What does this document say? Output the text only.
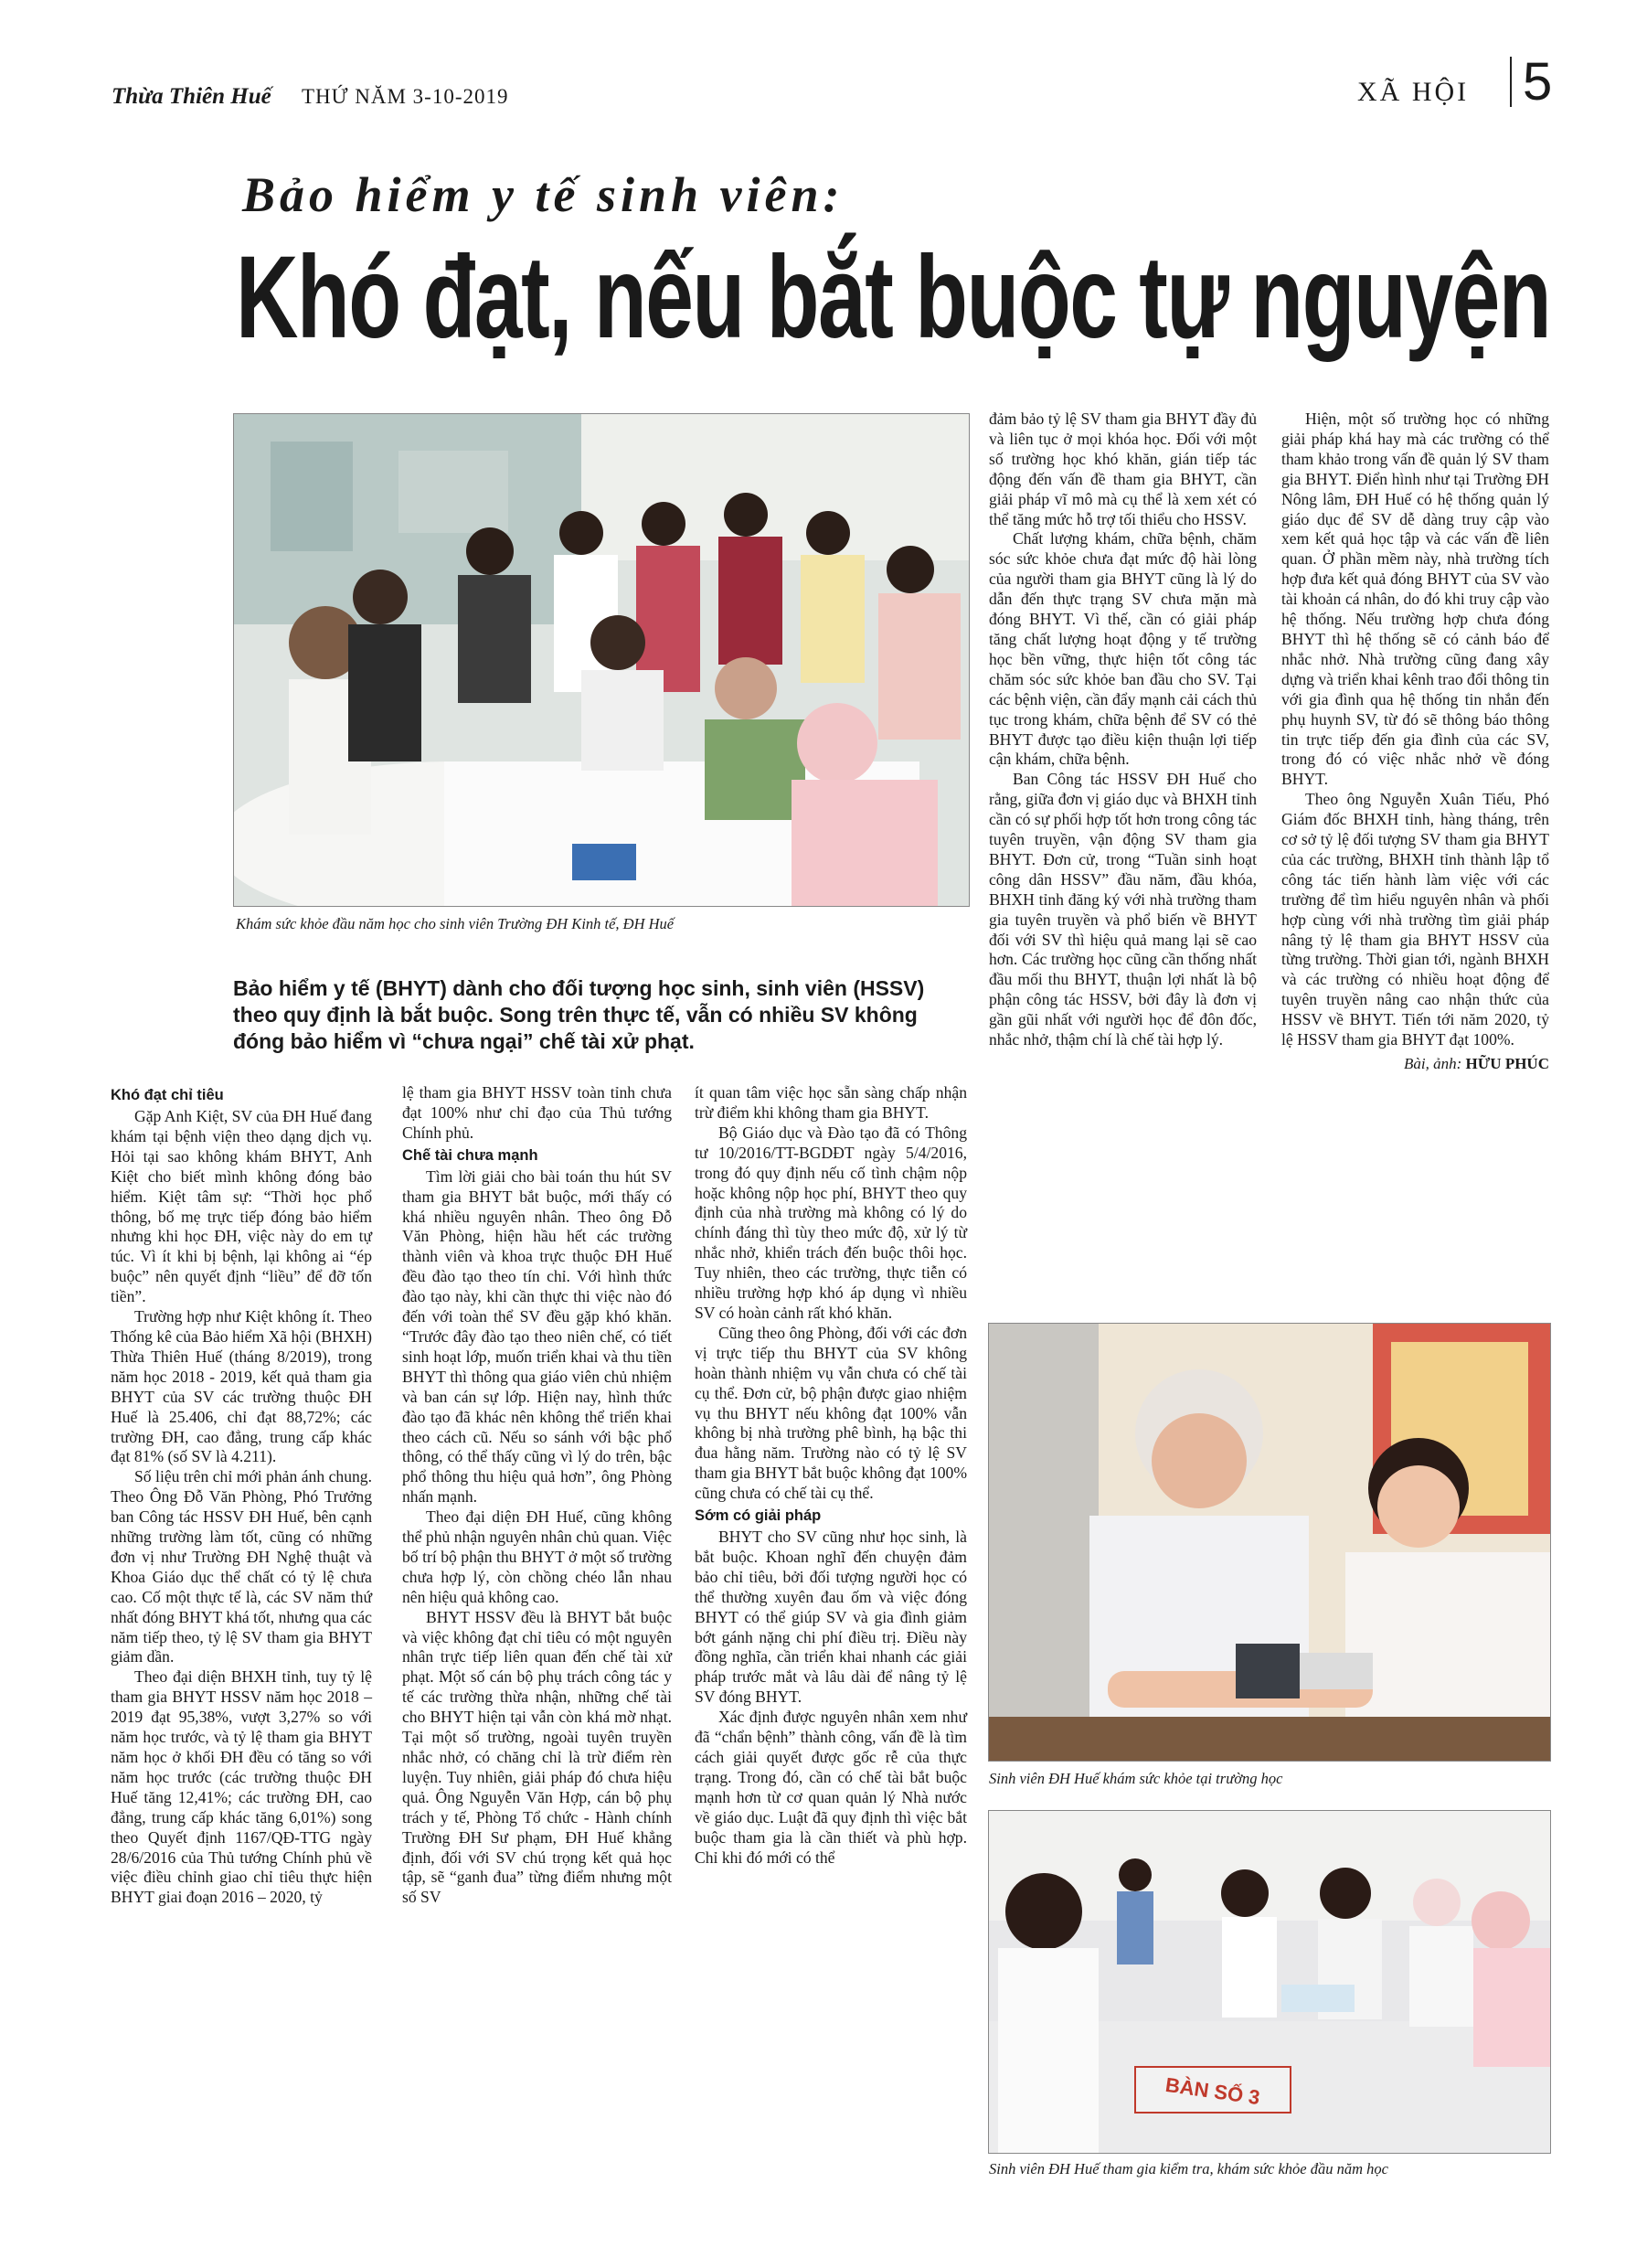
Thừa Thiên Huế THỨ NĂM 3-10-2019	XÃ HỘI 5
Bảo hiểm y tế sinh viên:
Khó đạt, nếu bắt buộc tự nguyện
Khám sức khỏe đầu năm học cho sinh viên Trường ĐH Kinh tế, ĐH Huế
Bảo hiểm y tế (BHYT) dành cho đối tượng học sinh, sinh viên (HSSV) theo quy định là bắt buộc. Song trên thực tế, vẫn có nhiều SV không đóng bảo hiểm vì “chưa ngại” chế tài xử phạt.
Khó đạt chỉ tiêu

Gặp Anh Kiệt, SV của ĐH Huế đang khám tại bệnh viện theo dạng dịch vụ. Hỏi tại sao không khám BHYT, Anh Kiệt cho biết mình không đóng bảo hiểm. Kiệt tâm sự: “Thời học phổ thông, bố mẹ trực tiếp đóng bảo hiểm nhưng khi học ĐH, việc này do em tự túc. Vì ít khi bị bệnh, lại không ai “ép buộc” nên quyết định “liều” để đỡ tốn tiền”.

Trường hợp như Kiệt không ít. Theo Thống kê của Bảo hiểm Xã hội (BHXH) Thừa Thiên Huế (tháng 8/2019), trong năm học 2018 - 2019, kết quả tham gia BHYT của SV các trường thuộc ĐH Huế là 25.406, chỉ đạt 88,72%; các trường ĐH, cao đẳng, trung cấp khác đạt 81% (số SV là 4.211).

Số liệu trên chỉ mới phản ánh chung. Theo Ông Đỗ Văn Phòng, Phó Trưởng ban Công tác HSSV ĐH Huế, bên cạnh những trường làm tốt, cũng có những đơn vị như Trường ĐH Nghệ thuật và Khoa Giáo dục thể chất có tỷ lệ chưa cao. Cố một thực tế là, các SV năm thứ nhất đóng BHYT khá tốt, nhưng qua các năm tiếp theo, tỷ lệ SV tham gia BHYT giảm dần.

Theo đại diện BHXH tỉnh, tuy tỷ lệ tham gia BHYT HSSV năm học 2018 – 2019 đạt 95,38%, vượt 3,27% so với năm học trước, và tỷ lệ tham gia BHYT năm học ở khối ĐH đều có tăng so với năm học trước (các trường thuộc ĐH Huế tăng 12,41%; các trường ĐH, cao đẳng, trung cấp khác tăng 6,01%) song theo Quyết định 1167/QĐ-TTG ngày 28/6/2016 của Thủ tướng Chính phủ về việc điều chỉnh giao chỉ tiêu thực hiện BHYT giai đoạn 2016 – 2020, tỷ

lệ tham gia BHYT HSSV toàn tỉnh chưa đạt 100% như chỉ đạo của Thủ tướng Chính phủ.

Chế tài chưa mạnh

Tìm lời giải cho bài toán thu hút SV tham gia BHYT bắt buộc, mới thấy có khá nhiều nguyên nhân. Theo ông Đỗ Văn Phòng, hiện hầu hết các trường thành viên và khoa trực thuộc ĐH Huế đều đào tạo theo tín chỉ. Với hình thức đào tạo này, khi cần thực thi việc nào đó đến với toàn thể SV đều gặp khó khăn. “Trước đây đào tạo theo niên chế, có tiết sinh hoạt lớp, muốn triển khai và thu tiền BHYT thì thông qua giáo viên chủ nhiệm và ban cán sự lớp. Hiện nay, hình thức đào tạo đã khác nên không thể triển khai theo cách cũ. Nếu so sánh với bậc phổ thông, có thể thấy cũng vì lý do trên, bậc phổ thông thu hiệu quả hơn”, ông Phòng nhấn mạnh.

Theo đại diện ĐH Huế, cũng không thể phủ nhận nguyên nhân chủ quan. Việc bố trí bộ phận thu BHYT ở một số trường chưa hợp lý, còn chồng chéo lẫn nhau nên hiệu quả không cao.

BHYT HSSV đều là BHYT bắt buộc và việc không đạt chỉ tiêu có một nguyên nhân trực tiếp liên quan đến chế tài xử phạt. Một số cán bộ phụ trách công tác y tế các trường thừa nhận, những chế tài cho BHYT hiện tại vẫn còn khá mờ nhạt. Tại một số trường, ngoài tuyên truyền nhắc nhở, có chăng chỉ là trừ điểm rèn luyện. Tuy nhiên, giải pháp đó chưa hiệu quả. Ông Nguyễn Văn Hợp, cán bộ phụ trách y tế, Phòng Tổ chức - Hành chính Trường ĐH Sư phạm, ĐH Huế khẳng định, đối với SV chú trọng kết quả học tập, sẽ “ganh đua” từng điểm nhưng một số SV

ít quan tâm việc học sẵn sàng chấp nhận trừ điểm khi không tham gia BHYT.

Bộ Giáo dục và Đào tạo đã có Thông tư 10/2016/TT-BGDĐT ngày 5/4/2016, trong đó quy định nếu cố tình chậm nộp hoặc không nộp học phí, BHYT theo quy định của nhà trường mà không có lý do chính đáng thì tùy theo mức độ, xử lý từ nhắc nhở, khiển trách đến buộc thôi học. Tuy nhiên, theo các trường, thực tiễn có nhiều trường hợp khó áp dụng vì nhiều SV có hoàn cảnh rất khó khăn.

Cũng theo ông Phòng, đối với các đơn vị trực tiếp thu BHYT của SV không hoàn thành nhiệm vụ vẫn chưa có chế tài cụ thể. Đơn cử, bộ phận được giao nhiệm vụ thu BHYT nếu không đạt 100% vẫn không bị nhà trường phê bình, hạ bậc thi đua hằng năm. Trường nào có tỷ lệ SV tham gia BHYT bắt buộc không đạt 100% cũng chưa có chế tài cụ thể.

Sớm có giải pháp

BHYT cho SV cũng như học sinh, là bắt buộc. Khoan nghĩ đến chuyện đảm bảo chỉ tiêu, bởi đối tượng người học có thể thường xuyên đau ốm và việc đóng BHYT có thể giúp SV và gia đình giảm bớt gánh nặng chi phí điều trị. Điều này đồng nghĩa, cần triển khai nhanh các giải pháp trước mắt và lâu dài để nâng tỷ lệ SV đóng BHYT.

Xác định được nguyên nhân xem như đã “chẩn bệnh” thành công, vấn đề là tìm cách giải quyết được gốc rễ của thực trạng. Trong đó, cần có chế tài bắt buộc mạnh hơn từ cơ quan quản lý Nhà nước về giáo dục. Luật đã quy định thì việc bắt buộc tham gia là cần thiết và phù hợp. Chỉ khi đó mới có thể

đảm bảo tỷ lệ SV tham gia BHYT đầy đủ và liên tục ở mọi khóa học. Đối với một số trường học khó khăn, gián tiếp tác động đến vấn đề tham gia BHYT, cần giải pháp vĩ mô mà cụ thể là xem xét có thể tăng mức hỗ trợ tối thiểu cho HSSV.

Chất lượng khám, chữa bệnh, chăm sóc sức khỏe chưa đạt mức độ hài lòng của người tham gia BHYT cũng là lý do dẫn đến thực trạng SV chưa mặn mà đóng BHYT. Vì thế, cần có giải pháp tăng chất lượng hoạt động y tế trường học bền vững, thực hiện tốt công tác chăm sóc sức khỏe ban đầu cho SV. Tại các bệnh viện, cần đẩy mạnh cải cách thủ tục trong khám, chữa bệnh để SV có thẻ BHYT được tạo điều kiện thuận lợi tiếp cận khám, chữa bệnh.

Ban Công tác HSSV ĐH Huế cho rằng, giữa đơn vị giáo dục và BHXH tỉnh cần có sự phối hợp tốt hơn trong công tác tuyên truyền, vận động SV tham gia BHYT. Đơn cử, trong “Tuần sinh hoạt công dân HSSV” đầu năm, đầu khóa, BHXH tỉnh đăng ký với nhà trường tham gia tuyên truyền và phổ biến về BHYT đối với SV thì hiệu quả mang lại sẽ cao hơn. Các trường học cũng cần thống nhất đầu mối thu BHYT, thuận lợi nhất là bộ phận công tác HSSV, bởi đây là đơn vị gần gũi nhất với người học để đôn đốc, nhắc nhở, thậm chí là chế tài hợp lý.

Hiện, một số trường học có những giải pháp khá hay mà các trường có thể tham khảo trong vấn đề quản lý SV tham gia BHYT. Điển hình như tại Trường ĐH Nông lâm, ĐH Huế có hệ thống quản lý giáo dục để SV dễ dàng truy cập vào xem kết quả học tập và các vấn đề liên quan. Ở phần mềm này, nhà trường tích hợp đưa kết quả đóng BHYT của SV vào tài khoản cá nhân, do đó khi truy cập vào hệ thống. Nếu trường hợp chưa đóng BHYT thì hệ thống sẽ có cảnh báo để nhắc nhở. Nhà trường cũng đang xây dựng và triển khai kênh trao đổi thông tin với gia đình qua hệ thống tin nhắn đến phụ huynh SV, từ đó sẽ thông báo thông tin trực tiếp đến gia đình của các SV, trong đó có việc nhắc nhở về đóng BHYT.

Theo ông Nguyễn Xuân Tiếu, Phó Giám đốc BHXH tỉnh, hàng tháng, trên cơ sở tỷ lệ đối tượng SV tham gia BHYT của các trường, BHXH tỉnh thành lập tổ công tác tiến hành làm việc với các trường để tìm hiểu nguyên nhân và phối hợp cùng với nhà trường tìm giải pháp nâng tỷ lệ tham gia BHYT HSSV của từng trường. Thời gian tới, ngành BHXH và các trường có nhiều hoạt động để tuyên truyền nâng cao nhận thức của HSSV về BHYT. Tiến tới năm 2020, tỷ lệ HSSV tham gia BHYT đạt 100%.

Bài, ảnh: HỮU PHÚC
Sinh viên ĐH Huế khám sức khỏe tại trường học
BÀN SỐ 3
Sinh viên ĐH Huế tham gia kiểm tra, khám sức khỏe đầu năm học
